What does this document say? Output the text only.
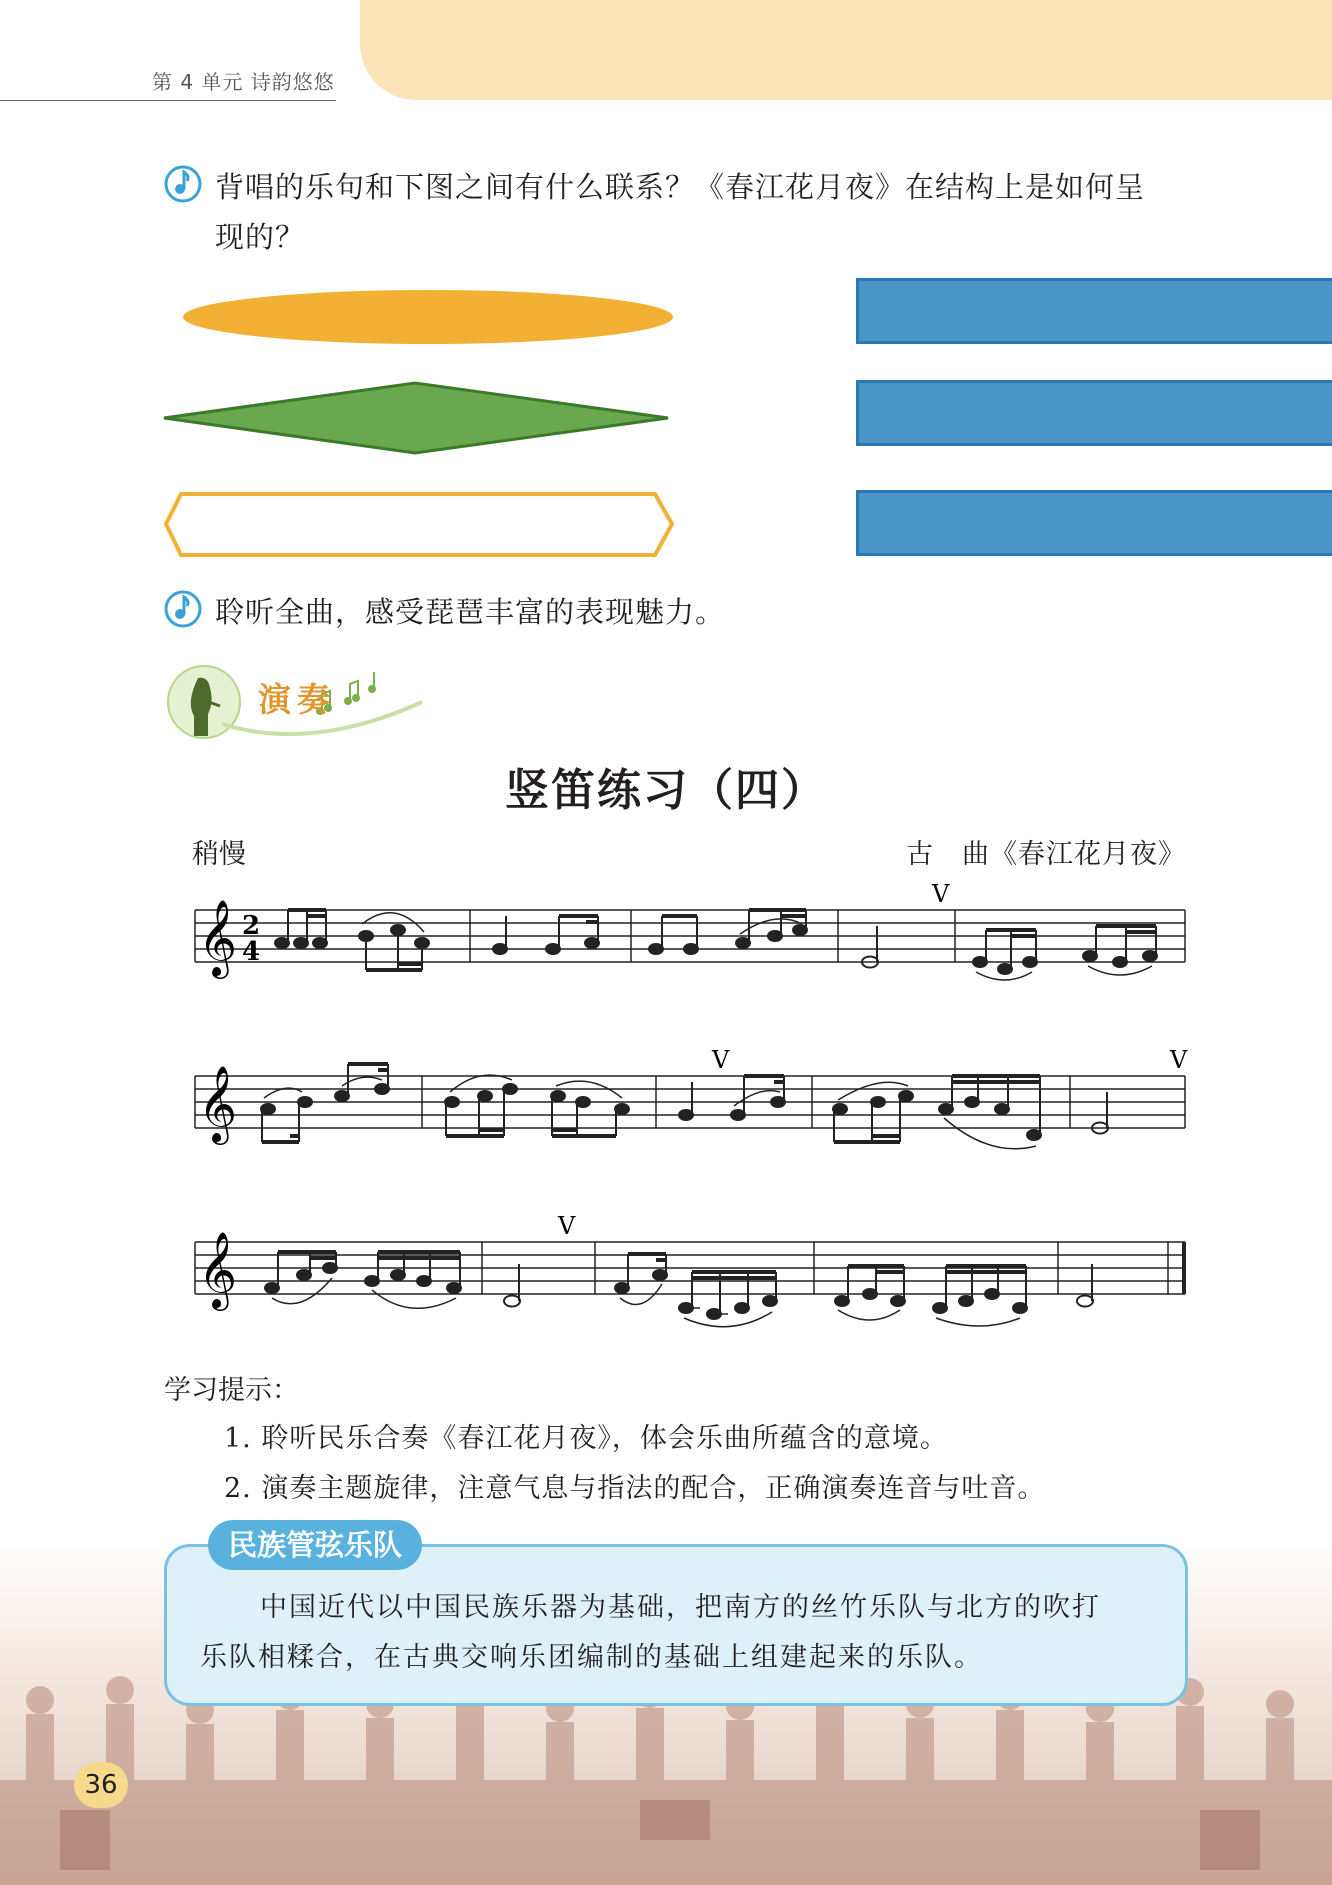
第 4 单元 诗韵悠悠
背唱的乐句和下图之间有什么联系？《春江花月夜》在结构上是如何呈
现的？
聆听全曲，感受琵琶丰富的表现魅力。
演奏
竖笛练习（四）
稍慢	古　曲《春江花月夜》
𝄞 2
4
V
𝄞
V	V
𝄞
V
学习提示：
1. 聆听民乐合奏《春江花月夜》，体会乐曲所蕴含的意境。
2. 演奏主题旋律，注意气息与指法的配合，正确演奏连音与吐音。
民族管弦乐队
中国近代以中国民族乐器为基础，把南方的丝竹乐队与北方的吹打
乐队相糅合，在古典交响乐团编制的基础上组建起来的乐队。
36
